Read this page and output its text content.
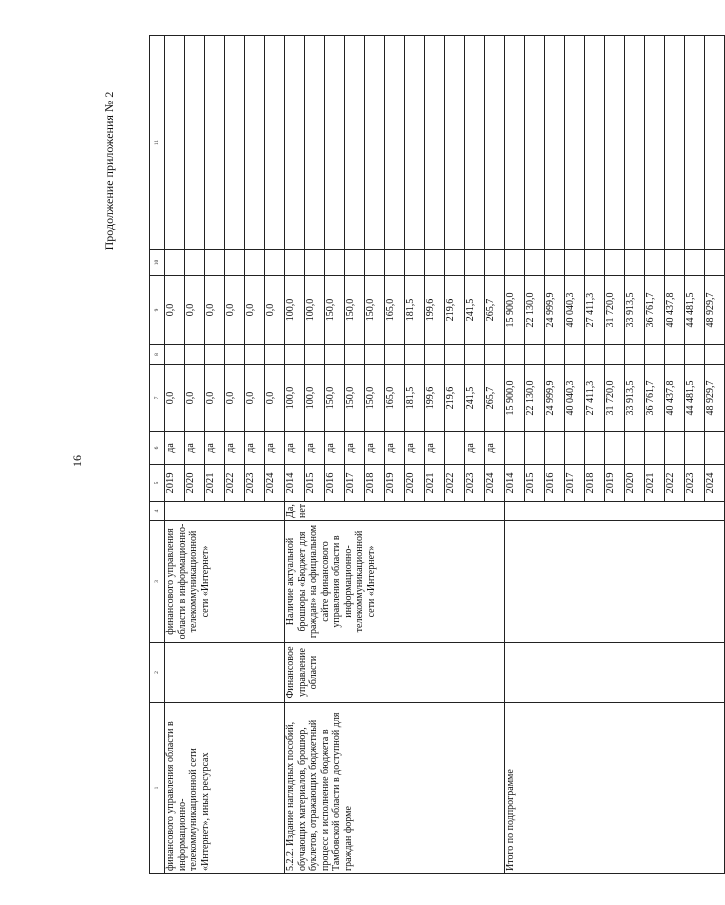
16
Продолжение приложения № 2
1	2	3	4	5	6	7	8	9	10	11
финансового управления области в информационно-телекоммуникационной сети «Интернет», иных ресурсах		финансового управления области в информационно-телекоммуникационной сети «Интернет»		2019	да	0,0		0,0		
				2020	да	0,0		0,0		
				2021	да	0,0		0,0		
				2022	да	0,0		0,0		
				2023	да	0,0		0,0		
				2024	да	0,0		0,0		
5.2.2. Издание наглядных пособий, обучающих материалов, брошюр, буклетов, отражающих бюджетный процесс и исполнение бюджета в Тамбовской области в доступной для граждан форме	Финансовое управление области	Наличие актуальной брошюры «Бюджет для граждан» на официальном сайте финансового управления области в информационно-телекоммуникационной сети «Интернет»	Да, нет	2014	да	100,0		100,0		
				2015	да	100,0		100,0		
				2016	да	150,0		150,0		
				2017	да	150,0		150,0		
				2018	да	150,0		150,0		
				2019	да	165,0		165,0		
				2020	да	181,5		181,5		
				2021	да	199,6		199,6		
				2022		219,6		219,6		
				2023	да	241,5		241,5		
				2024	да	265,7		265,7		
Итого по подпрограмме				2014		15 900,0		15 900,0		
				2015		22 130,0		22 130,0		
				2016		24 999,9		24 999,9		
				2017		40 040,3		40 040,3		
				2018		27 411,3		27 411,3		
				2019		31 720,0		31 720,0		
				2020		33 913,5		33 913,5		
				2021		36 761,7		36 761,7		
				2022		40 437,8		40 437,8		
				2023		44 481,5		44 481,5		
				2024		48 929,7		48 929,7		
